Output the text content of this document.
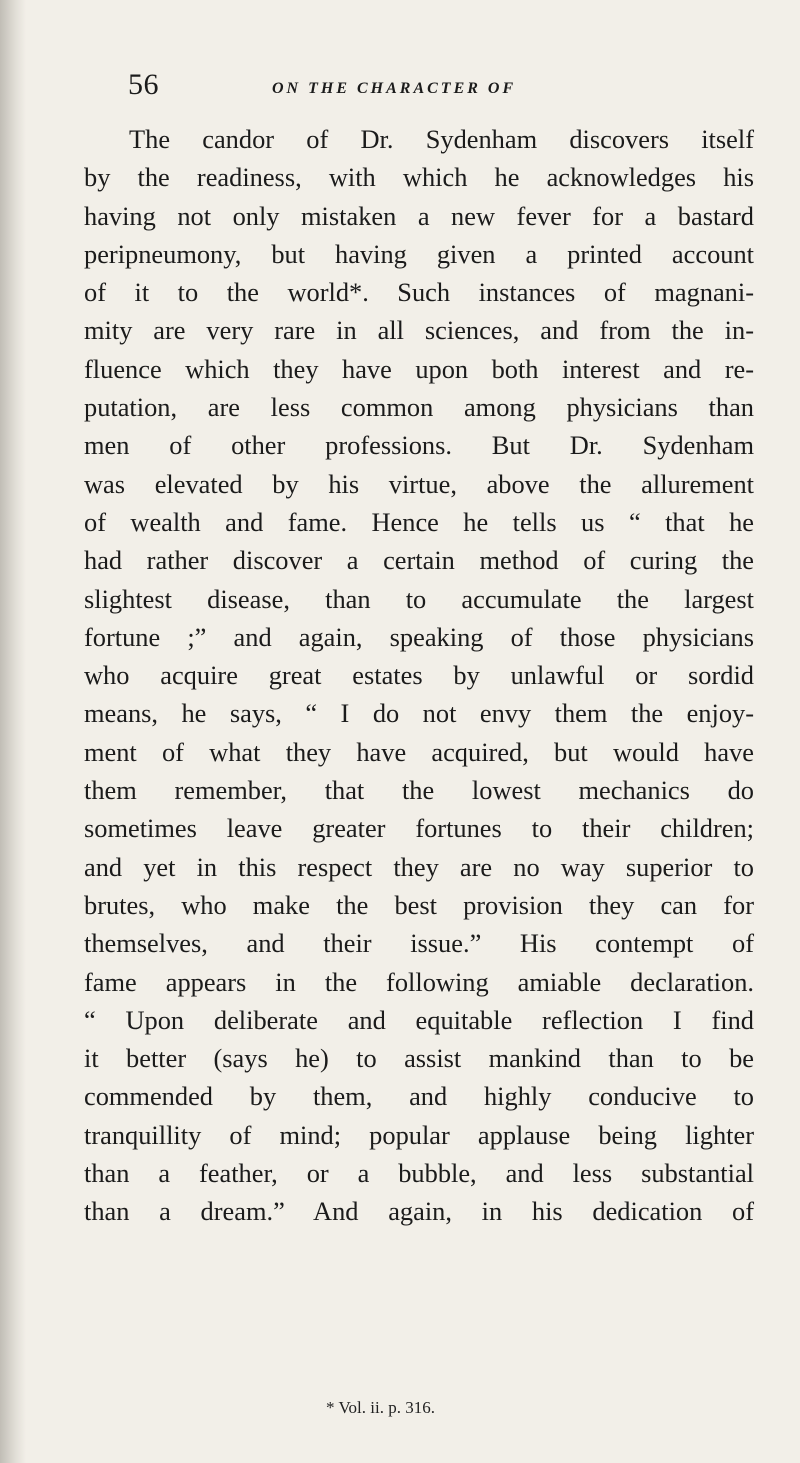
56	ON THE CHARACTER OF
The candor of Dr. Sydenham discovers itself
by the readiness, with which he acknowledges his
having not only mistaken a new fever for a bastard
peripneumony, but having given a printed account
of it to the world*. Such instances of magnani-
mity are very rare in all sciences, and from the in-
fluence which they have upon both interest and re-
putation, are less common among physicians than
men of other professions. But Dr. Sydenham
was elevated by his virtue, above the allurement
of wealth and fame. Hence he tells us “ that he
had rather discover a certain method of curing the
slightest disease, than to accumulate the largest
fortune ;” and again, speaking of those physicians
who acquire great estates by unlawful or sordid
means, he says, “ I do not envy them the enjoy-
ment of what they have acquired, but would have
them remember, that the lowest mechanics do
sometimes leave greater fortunes to their children;
and yet in this respect they are no way superior to
brutes, who make the best provision they can for
themselves, and their issue.” His contempt of
fame appears in the following amiable declaration.
“ Upon deliberate and equitable reflection I find
it better (says he) to assist mankind than to be
commended by them, and highly conducive to
tranquillity of mind; popular applause being lighter
than a feather, or a bubble, and less substantial
than a dream.” And again, in his dedication of
* Vol. ii. p. 316.
